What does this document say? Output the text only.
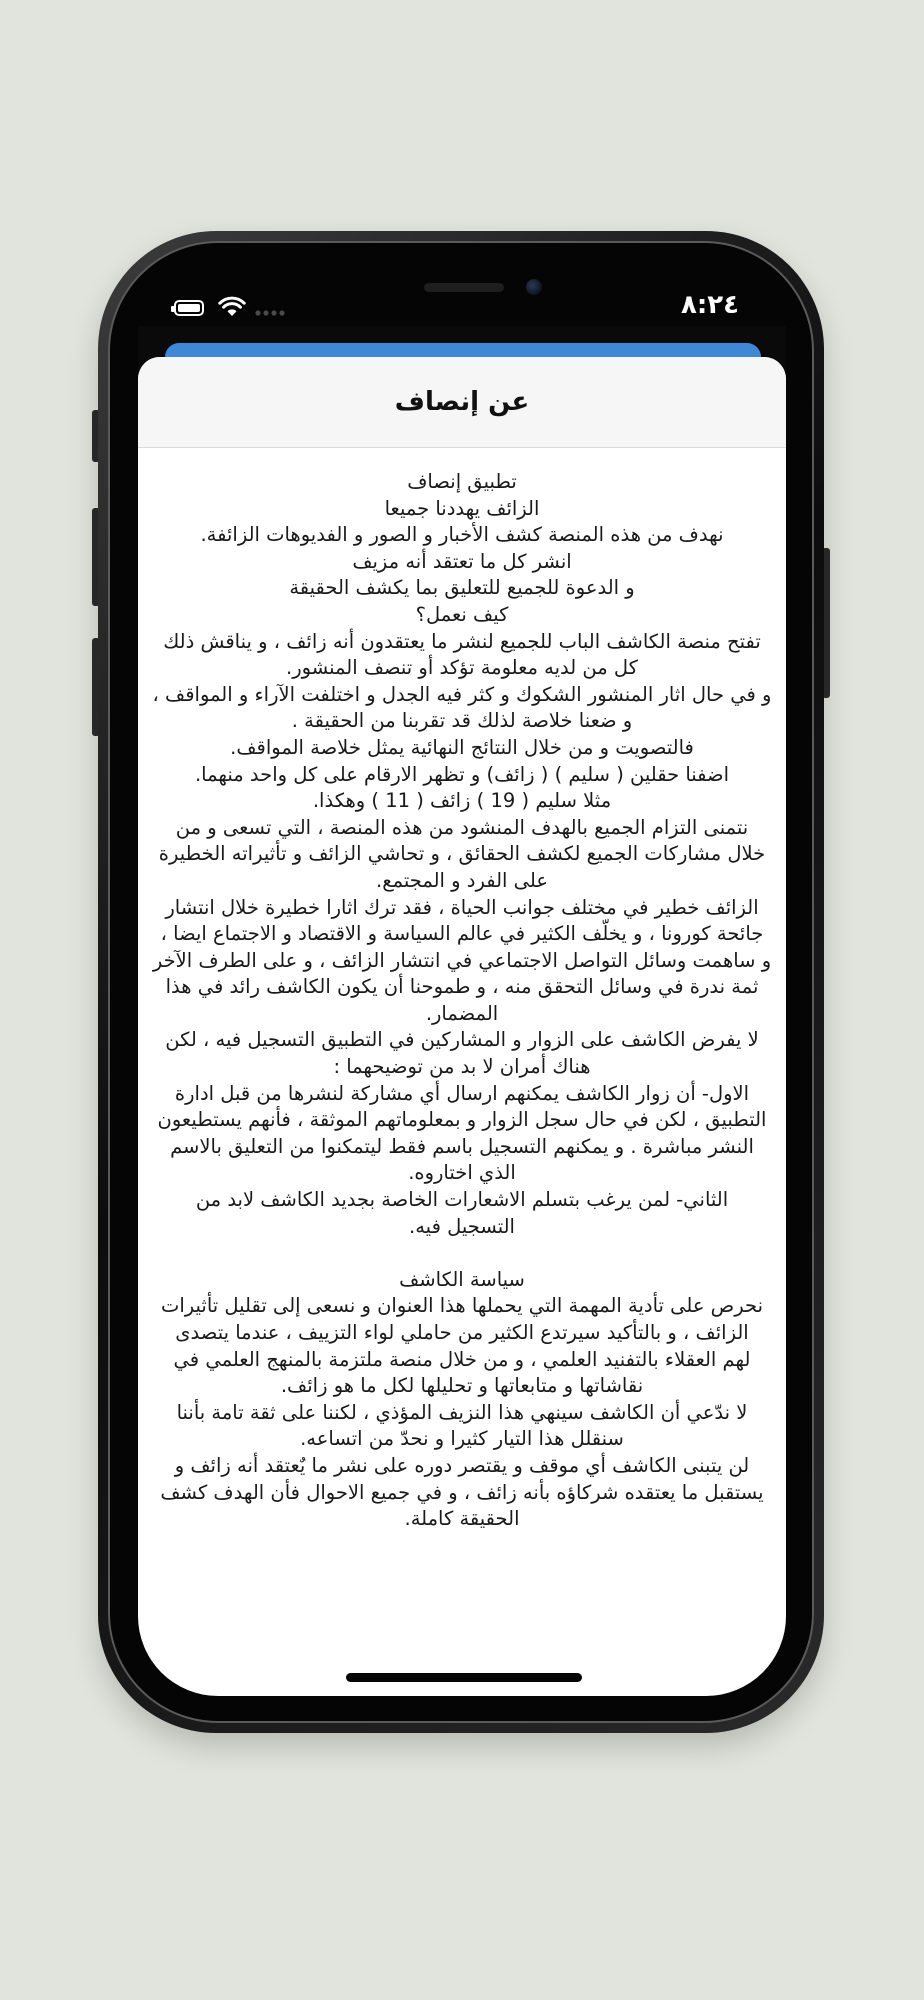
٨:٢٤
عن إنصاف
تطبيق إنصاف
الزائف يهددنا جميعا
نهدف من هذه المنصة كشف الأخبار و الصور و الفديوهات الزائفة.
انشر كل ما تعتقد أنه مزيف
و الدعوة للجميع للتعليق بما يكشف الحقيقة
كيف نعمل؟
تفتح منصة الكاشف الباب للجميع لنشر ما يعتقدون أنه زائف ، و يناقش ذلك
كل من لديه معلومة تؤكد أو تنصف المنشور.
و في حال اثار المنشور الشكوك و كثر فيه الجدل و اختلفت الآراء و المواقف ،
و ضعنا خلاصة لذلك قد تقربنا من الحقيقة .
فالتصويت و من خلال النتائج النهائية يمثل خلاصة المواقف.
اضفنا حقلين ( سليم ) ( زائف) و تظهر الارقام على كل واحد منهما.
مثلا سليم ( 19 ) زائف ( 11 ) وهكذا.
نتمنى التزام الجميع بالهدف المنشود من هذه المنصة ، التي تسعى و من
خلال مشاركات الجميع لكشف الحقائق ، و تحاشي الزائف و تأثيراته الخطيرة
على الفرد و المجتمع.
الزائف خطير في مختلف جوانب الحياة ، فقد ترك اثارا خطيرة خلال انتشار
جائحة كورونا ، و يخلّف الكثير في عالم السياسة و الاقتصاد و الاجتماع ايضا ،
و ساهمت وسائل التواصل الاجتماعي في انتشار الزائف ، و على الطرف الآخر
ثمة ندرة في وسائل التحقق منه ، و طموحنا أن يكون الكاشف رائد في هذا
المضمار.
لا يفرض الكاشف على الزوار و المشاركين في التطبيق التسجيل فيه ، لكن
هناك أمران لا بد من توضيحهما :
الاول- أن زوار الكاشف يمكنهم ارسال أي مشاركة لنشرها من قبل ادارة
التطبيق ، لكن في حال سجل الزوار و بمعلوماتهم الموثقة ، فأنهم يستطيعون
النشر مباشرة . و يمكنهم التسجيل باسم فقط ليتمكنوا من التعليق بالاسم
الذي اختاروه.
الثاني- لمن يرغب بتسلم الاشعارات الخاصة بجديد الكاشف لابد من
التسجيل فيه.
سياسة الكاشف
نحرص على تأدية المهمة التي يحملها هذا العنوان و نسعى إلى تقليل تأثيرات
الزائف ، و بالتأكيد سيرتدع الكثير من حاملي لواء التزييف ، عندما يتصدى
لهم العقلاء بالتفنيد العلمي ، و من خلال منصة ملتزمة بالمنهج العلمي في
نقاشاتها و متابعاتها و تحليلها لكل ما هو زائف.
لا ندّعي أن الكاشف سينهي هذا النزيف المؤذي ، لكننا على ثقة تامة بأننا
سنقلل هذا التيار كثيرا و نحدّ من اتساعه.
لن يتبنى الكاشف أي موقف و يقتصر دوره على نشر ما يٌعتقد أنه زائف و
يستقبل ما يعتقده شركاؤه بأنه زائف ، و في جميع الاحوال فأن الهدف كشف
الحقيقة كاملة.
